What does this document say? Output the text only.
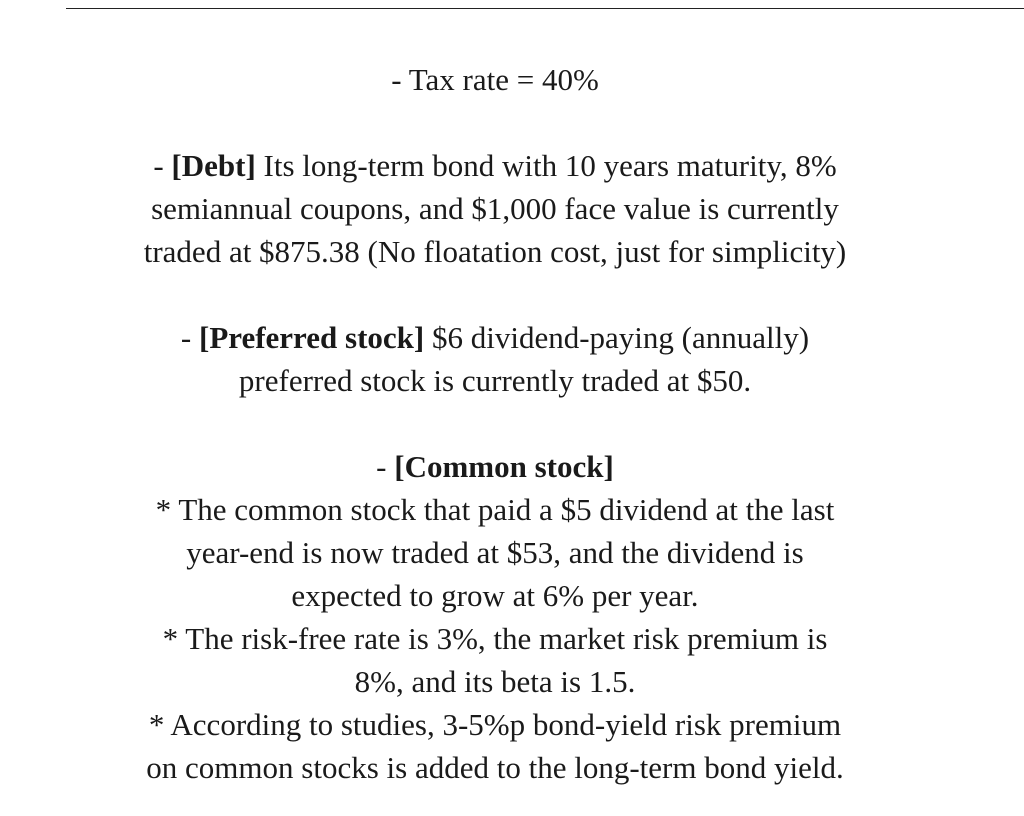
- Tax rate = 40%

- [Debt] Its long-term bond with 10 years maturity, 8%

semiannual coupons, and $1,000 face value is currently

traded at $875.38 (No floatation cost, just for simplicity)

- [Preferred stock] $6 dividend-paying (annually)

preferred stock is currently traded at $50.

- [Common stock]

* The common stock that paid a $5 dividend at the last

year-end is now traded at $53, and the dividend is

expected to grow at 6% per year.

* The risk-free rate is 3%, the market risk premium is

8%, and its beta is 1.5.

* According to studies, 3-5%p bond-yield risk premium

on common stocks is added to the long-term bond yield.
